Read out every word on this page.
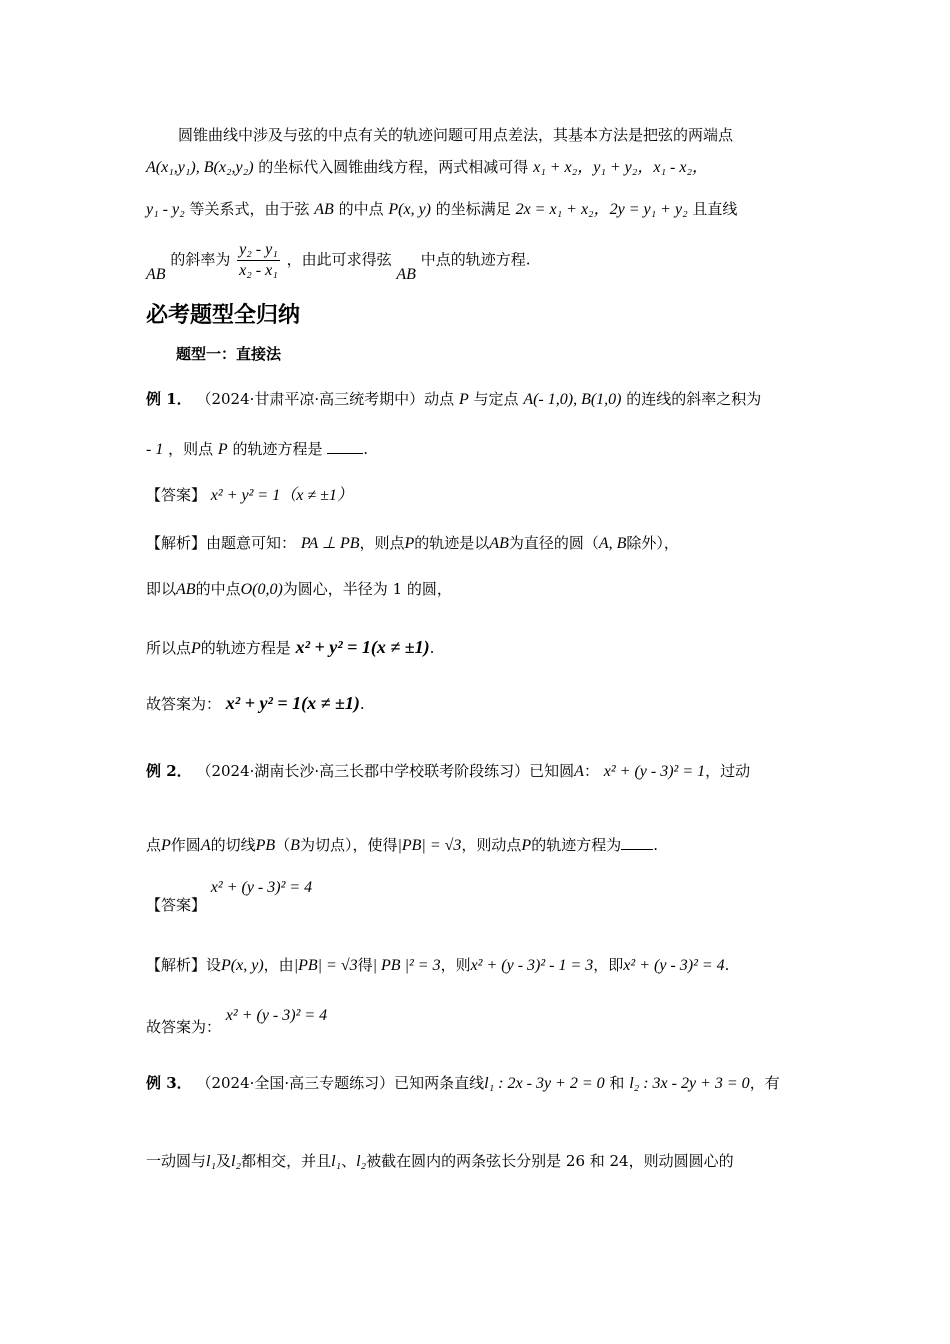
圆锥曲线中涉及与弦的中点有关的轨迹问题可用点差法，其基本方法是把弦的两端点
A(x₁,y₁), B(x₂,y₂) 的坐标代入圆锥曲线方程，两式相减可得 x₁ + x₂，y₁ + y₂，x₁ - x₂，
y₁ - y₂ 等关系式，由于弦 AB 的中点 P(x, y) 的坐标满足 2x = x₁ + x₂，2y = y₁ + y₂ 且直线
AB 的斜率为 $\frac{\text{y₂ - y₁}}{\text{x₂ - x₁}}$ ，由此可求得弦 AB 中点的轨迹方程.
必考题型全归纳
题型一：直接法
例 1． （2024·甘肃平凉·高三统考期中）动点 P 与定点 A(- 1,0), B(1,0) 的连线的斜率之积为
- 1 ，则点 P 的轨迹方程是	.
【答案】 x² + y² = 1（x ≠ ±1）
【解析】由题意可知： PA ⊥ PB，则点P的轨迹是以AB为直径的圆（A, B除外），
即以AB的中点O(0,0)为圆心，半径为 1 的圆，
所以点P的轨迹方程是 x² + y² = 1(x ≠ ±1).
故答案为： x² + y² = 1(x ≠ ±1).
例 2． （2024·湖南长沙·高三长郡中学校联考阶段练习）已知圆A： x² + (y - 3)² = 1，过动
点P作圆A的切线PB（B为切点），使得|PB| = √3，则动点P的轨迹方程为 .
【答案】 x² + (y - 3)² = 4
【解析】设P(x, y)，由|PB| = √3得| PB |² = 3，则x² + (y - 3)² - 1 = 3，即x² + (y - 3)² = 4.
故答案为： x² + (y - 3)² = 4
例 3． （2024·全国·高三专题练习）已知两条直线l₁ : 2x - 3y + 2 = 0 和 l₂ : 3x - 2y + 3 = 0，有
一动圆与l₁及l₂都相交，并且l₁、l₂被截在圆内的两条弦长分别是 26 和 24，则动圆圆心的
